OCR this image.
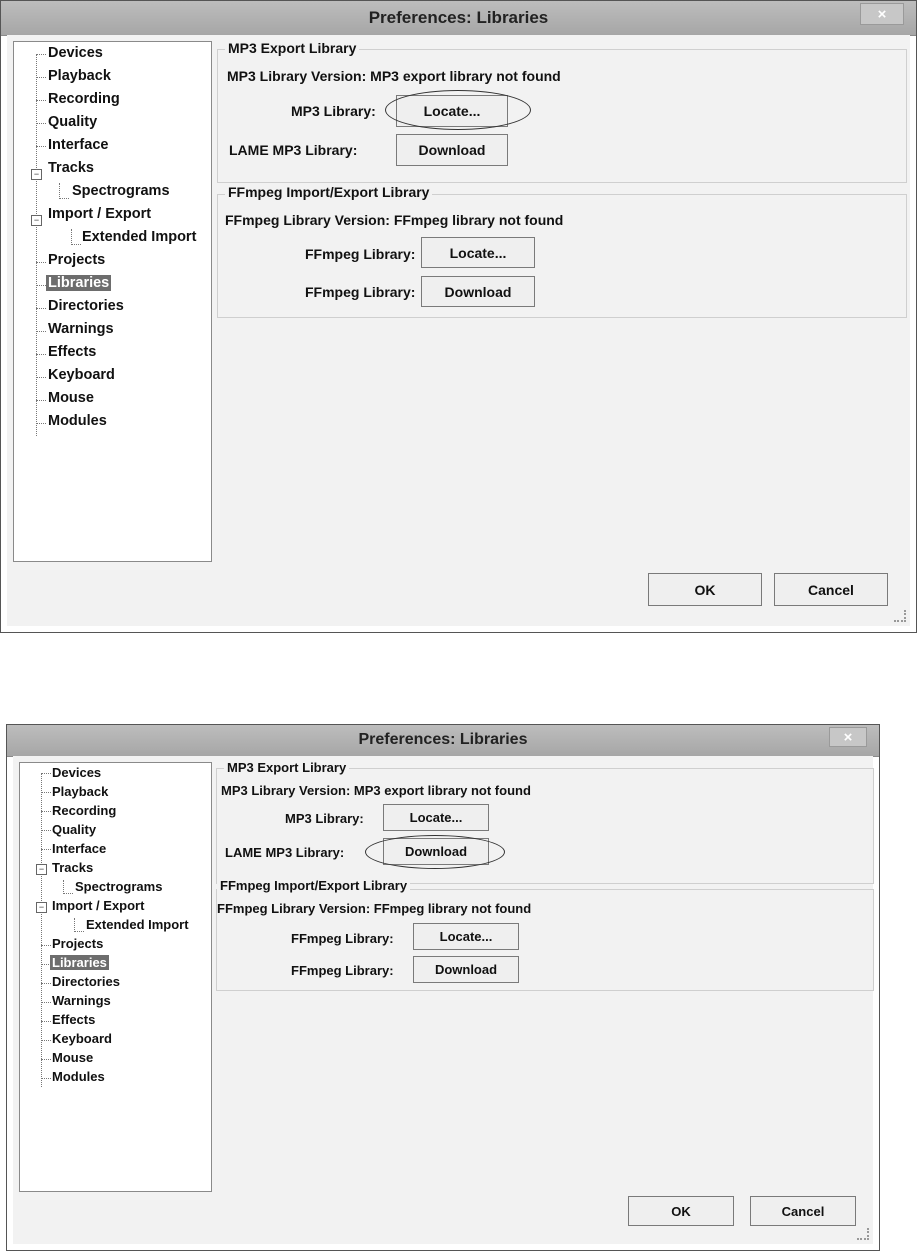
Preferences: Libraries	×
−
−
Devices
Playback
Recording
Quality
Interface
Tracks
Spectrograms
Import / Export
Extended Import
Projects
Libraries
Directories
Warnings
Effects
Keyboard
Mouse
Modules
MP3 Export Library
MP3 Library Version: MP3 export library not found
MP3 Library:	Locate...
LAME MP3 Library:	Download
FFmpeg Import/Export Library
FFmpeg Library Version: FFmpeg library not found
FFmpeg Library:	Locate...
FFmpeg Library:	Download
OK	Cancel
Preferences: Libraries	×
−
−
Devices
Playback
Recording
Quality
Interface
Tracks
Spectrograms
Import / Export
Extended Import
Projects
Libraries
Directories
Warnings
Effects
Keyboard
Mouse
Modules
MP3 Export Library
MP3 Library Version: MP3 export library not found
MP3 Library:	Locate...
LAME MP3 Library:	Download
FFmpeg Import/Export Library
FFmpeg Library Version: FFmpeg library not found
FFmpeg Library:	Locate...
FFmpeg Library:	Download
OK	Cancel
